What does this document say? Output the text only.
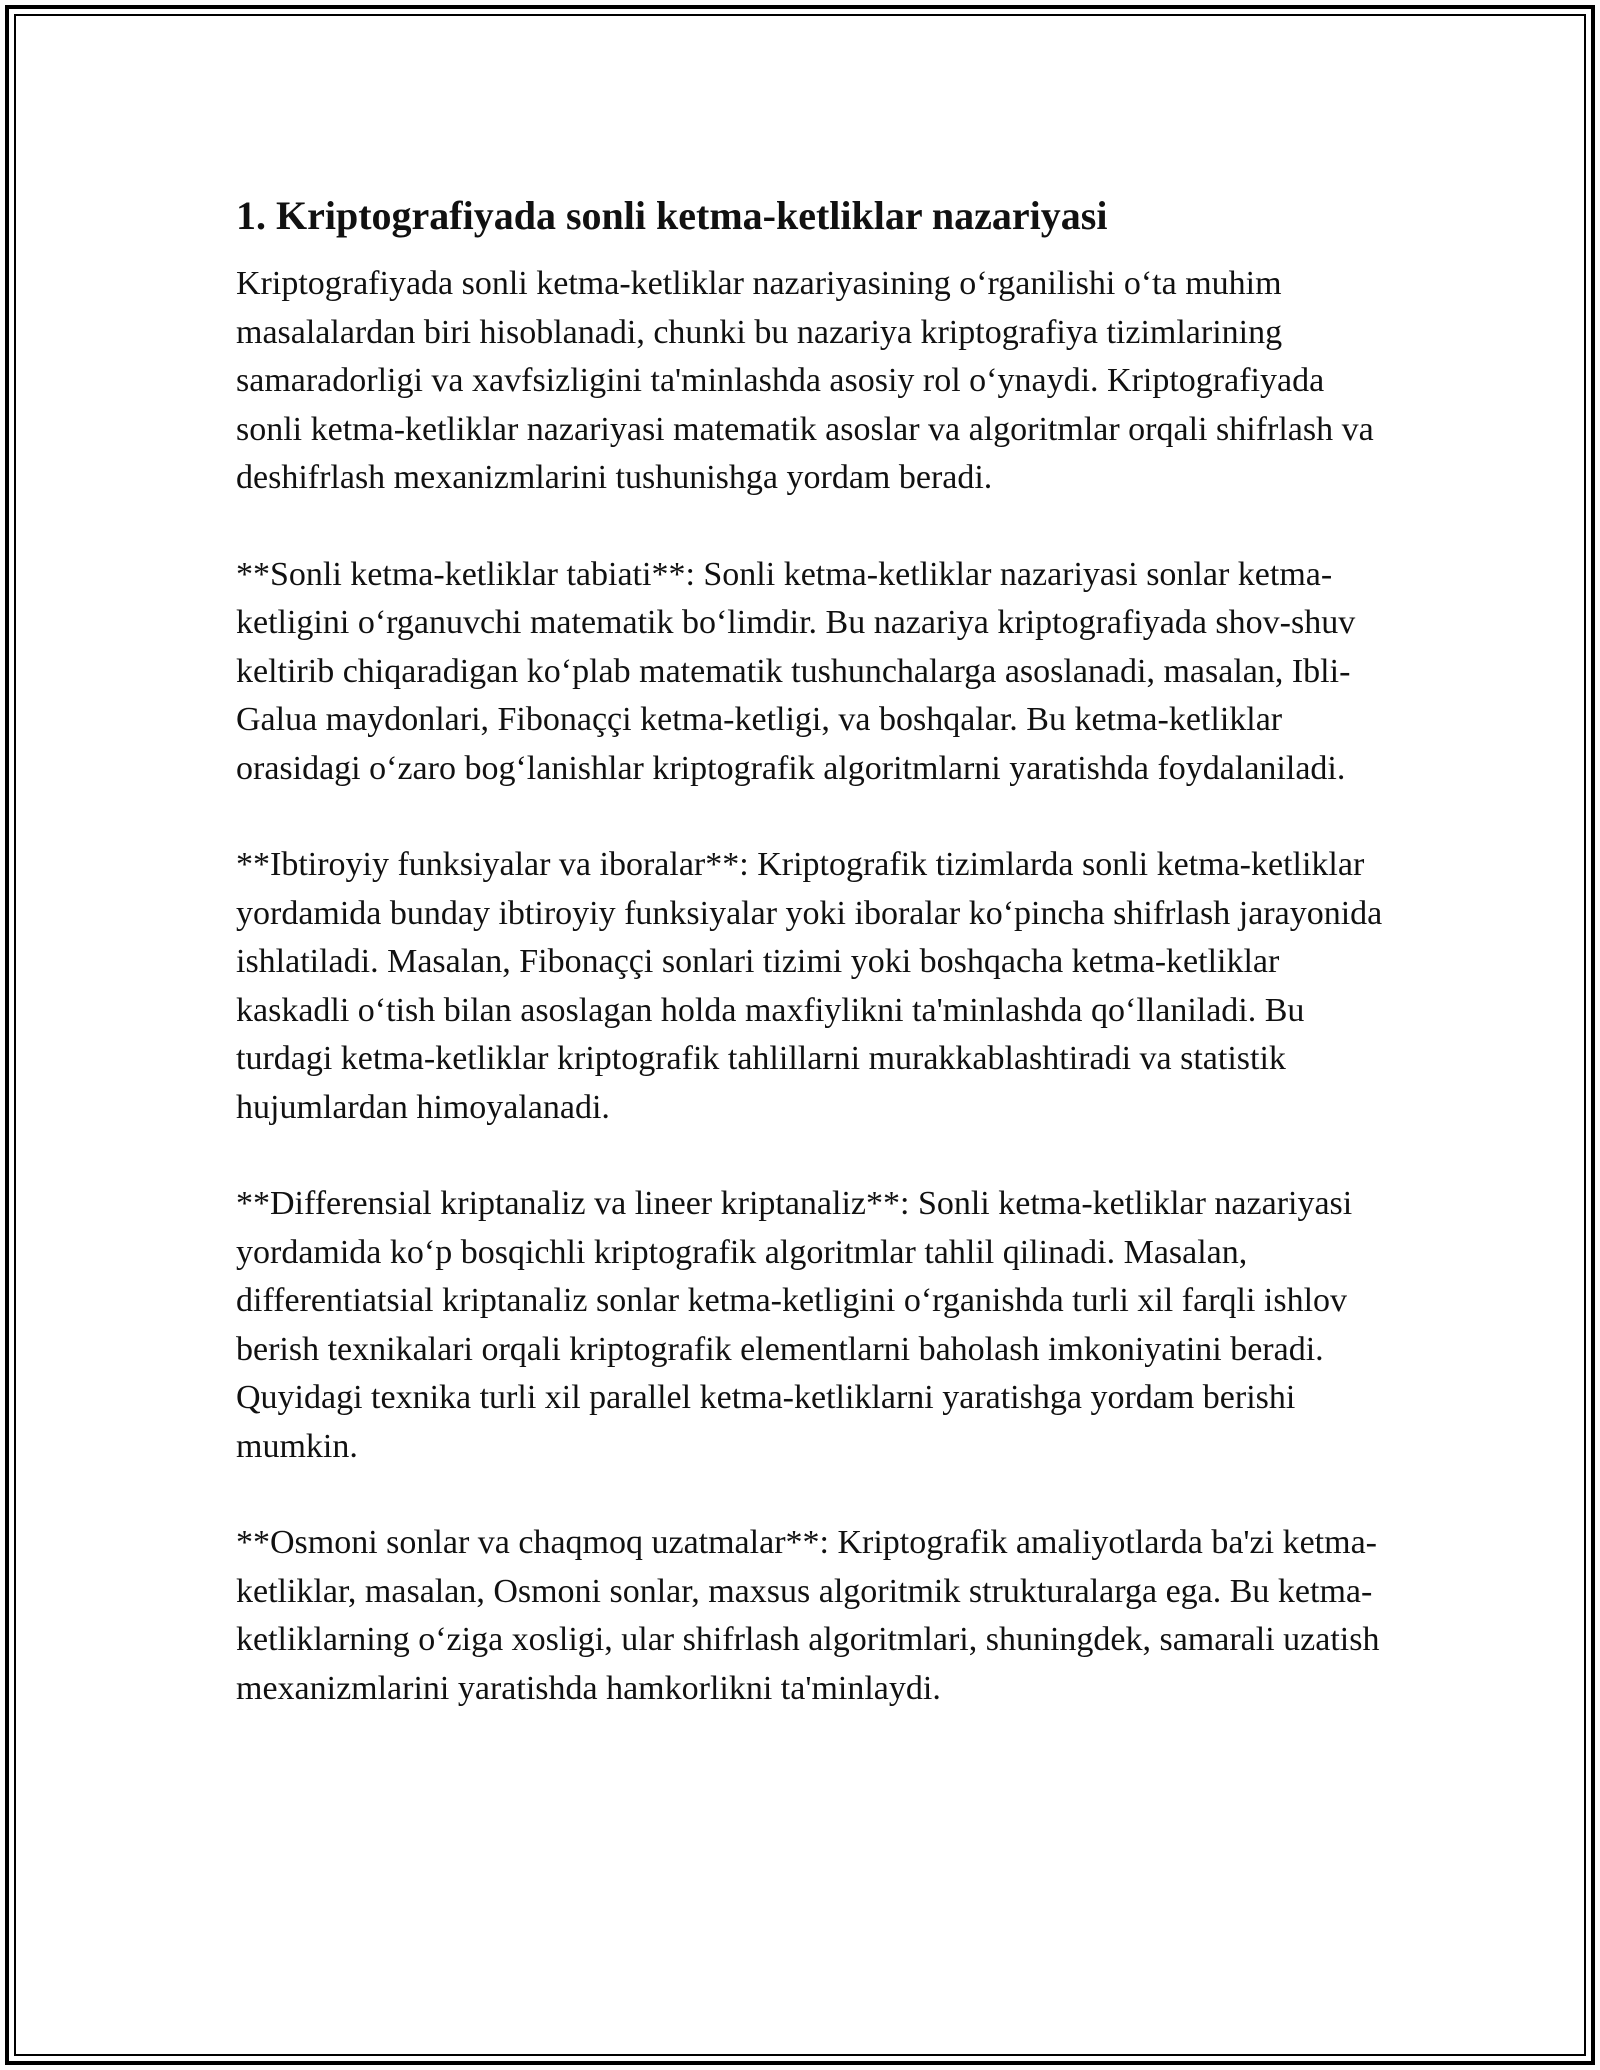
1. Kriptografiyada sonli ketma-ketliklar nazariyasi

Kriptografiyada sonli ketma-ketliklar nazariyasining o‘rganilishi o‘ta muhim masalalardan biri hisoblanadi, chunki bu nazariya kriptografiya tizimlarining samaradorligi va xavfsizligini ta'minlashda asosiy rol o‘ynaydi. Kriptografiyada sonli ketma-ketliklar nazariyasi matematik asoslar va algoritmlar orqali shifrlash va deshifrlash mexanizmlarini tushunishga yordam beradi.

**Sonli ketma-ketliklar tabiati**: Sonli ketma-ketliklar nazariyasi sonlar ketma-ketligini o‘rganuvchi matematik bo‘limdir. Bu nazariya kriptografiyada shov-shuv keltirib chiqaradigan ko‘plab matematik tushunchalarga asoslanadi, masalan, Ibli-Galua maydonlari, Fibonaççi ketma-ketligi, va boshqalar. Bu ketma-ketliklar orasidagi o‘zaro bog‘lanishlar kriptografik algoritmlarni yaratishda foydalaniladi.

**Ibtiroyiy funksiyalar va iboralar**: Kriptografik tizimlarda sonli ketma-ketliklar yordamida bunday ibtiroyiy funksiyalar yoki iboralar ko‘pincha shifrlash jarayonida ishlatiladi. Masalan, Fibonaççi sonlari tizimi yoki boshqacha ketma-ketliklar kaskadli o‘tish bilan asoslagan holda maxfiylikni ta'minlashda qo‘llaniladi. Bu turdagi ketma-ketliklar kriptografik tahlillarni murakkablashtiradi va statistik hujumlardan himoyalanadi.

**Differensial kriptanaliz va lineer kriptanaliz**: Sonli ketma-ketliklar nazariyasi yordamida ko‘p bosqichli kriptografik algoritmlar tahlil qilinadi. Masalan, differentiatsial kriptanaliz sonlar ketma-ketligini o‘rganishda turli xil farqli ishlov berish texnikalari orqali kriptografik elementlarni baholash imkoniyatini beradi. Quyidagi texnika turli xil parallel ketma-ketliklarni yaratishga yordam berishi mumkin.

**Osmoni sonlar va chaqmoq uzatmalar**: Kriptografik amaliyotlarda ba'zi ketma-ketliklar, masalan, Osmoni sonlar, maxsus algoritmik strukturalarga ega. Bu ketma-ketliklarning o‘ziga xosligi, ular shifrlash algoritmlari, shuningdek, samarali uzatish mexanizmlarini yaratishda hamkorlikni ta'minlaydi.
